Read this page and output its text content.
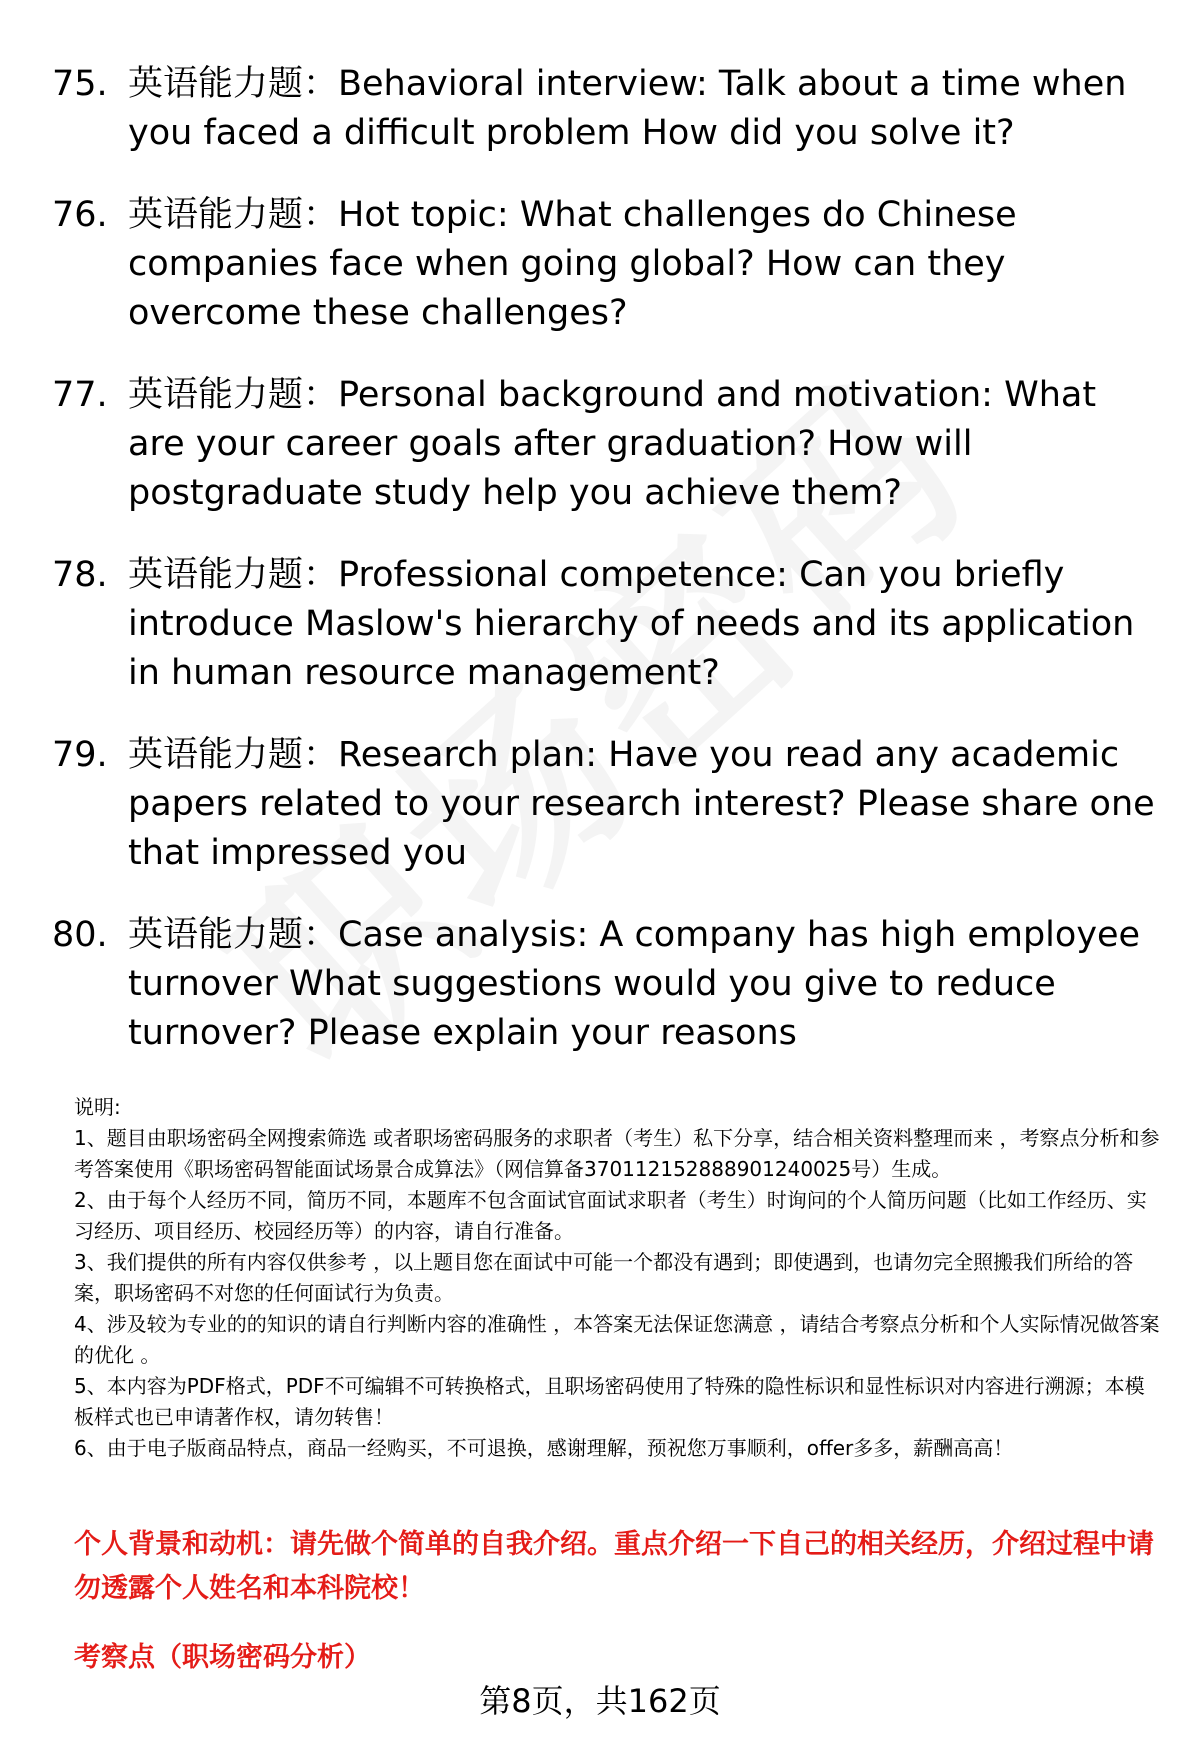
75. 英语能力题：Behavioral interview: Talk about a time when you faced a difficult problem How did you solve it?
76. 英语能力题：Hot topic: What challenges do Chinese companies face when going global? How can they overcome these challenges?
77. 英语能力题：Personal background and motivation: What are your career goals after graduation? How will postgraduate study help you achieve them?
78. 英语能力题：Professional competence: Can you briefly introduce Maslow's hierarchy of needs and its application in human resource management?
79. 英语能力题：Research plan: Have you read any academic papers related to your research interest? Please share one that impressed you
80. 英语能力题：Case analysis: A company has high employee turnover What suggestions would you give to reduce turnover? Please explain your reasons

说明:

1、题目由职场密码全网搜索筛选 或者职场密码服务的求职者（考生）私下分享，结合相关资料整理而来 ，考察点分析和参考答案使用《职场密码智能面试场景合成算法》（网信算备370112152888901240025号）生成。

2、由于每个人经历不同，简历不同，本题库不包含面试官面试求职者（考生）时询问的个人简历问题（比如工作经历、实习经历、项目经历、校园经历等）的内容，请自行准备。

3、我们提供的所有内容仅供参考 ，以上题目您在面试中可能一个都没有遇到；即使遇到，也请勿完全照搬我们所给的答案，职场密码不对您的任何面试行为负责。

4、涉及较为专业的的知识的请自行判断内容的准确性 ，本答案无法保证您满意 ，请结合考察点分析和个人实际情况做答案的优化 。

5、本内容为PDF格式，PDF不可编辑不可转换格式，且职场密码使用了特殊的隐性标识和显性标识对内容进行溯源；本模板样式也已申请著作权，请勿转售！

6、由于电子版商品特点，商品一经购买，不可退换，感谢理解，预祝您万事顺利，offer多多，薪酬高高！

个人背景和动机：请先做个简单的自我介绍。重点介绍一下自己的相关经历，介绍过程中请勿透露个人姓名和本科院校！
考察点（职场密码分析）
第8页，共162页
